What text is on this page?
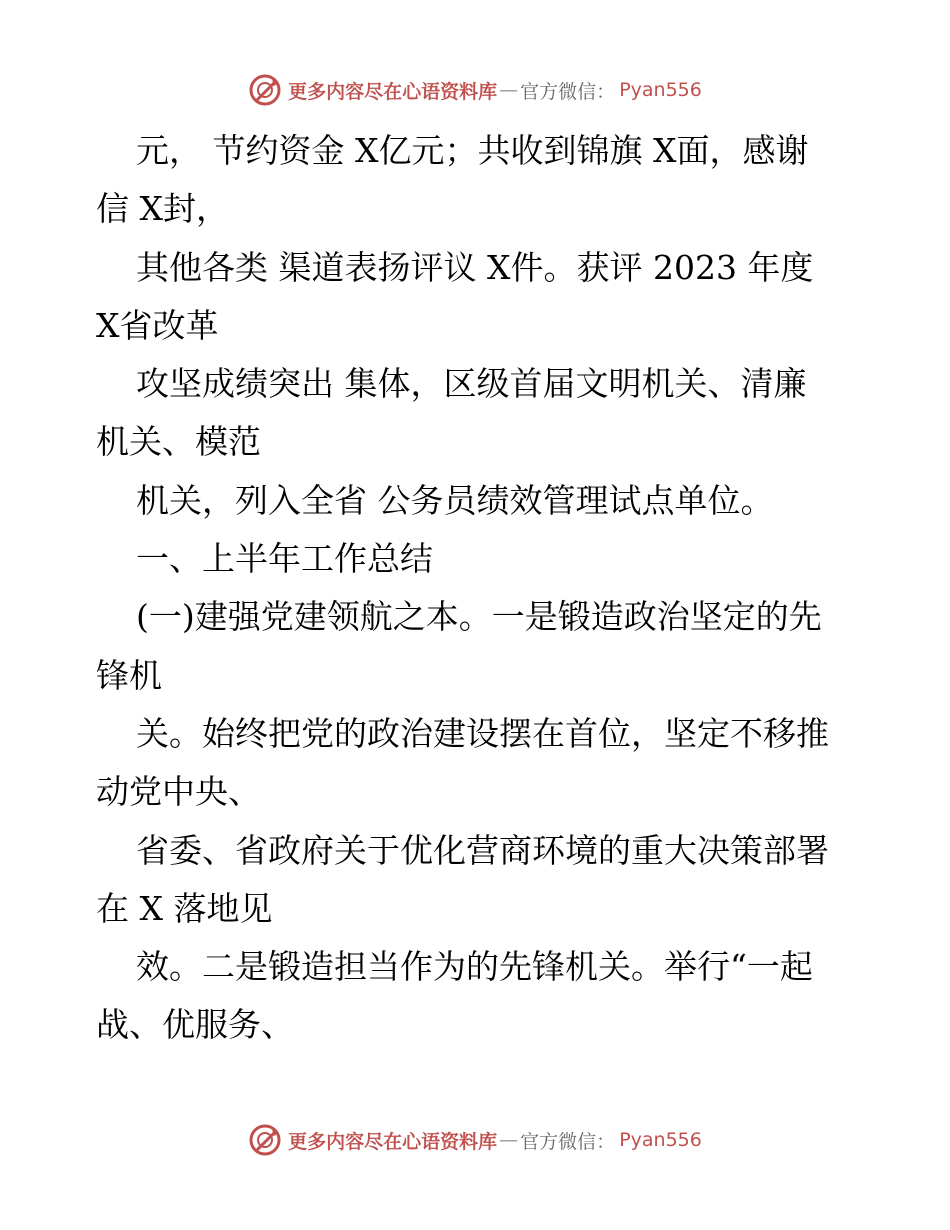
更多内容尽在心语资料库 — 官方微信： Pyan556
元， 节约资金 X亿元；共收到锦旗 X面，感谢
信 X封，
其他各类 渠道表扬评议 X件。获评 2023 年度
X省改革
攻坚成绩突出 集体，区级首届文明机关、清廉
机关、模范
机关，列入全省 公务员绩效管理试点单位。
一、上半年工作总结
(一)建强党建领航之本。一是锻造政治坚定的先
锋机
关。始终把党的政治建设摆在首位，坚定不移推
动党中央、
省委、省政府关于优化营商环境的重大决策部署
在 X 落地见
效。二是锻造担当作为的先锋机关。举行“一起
战、优服务、
更多内容尽在心语资料库 — 官方微信： Pyan556
